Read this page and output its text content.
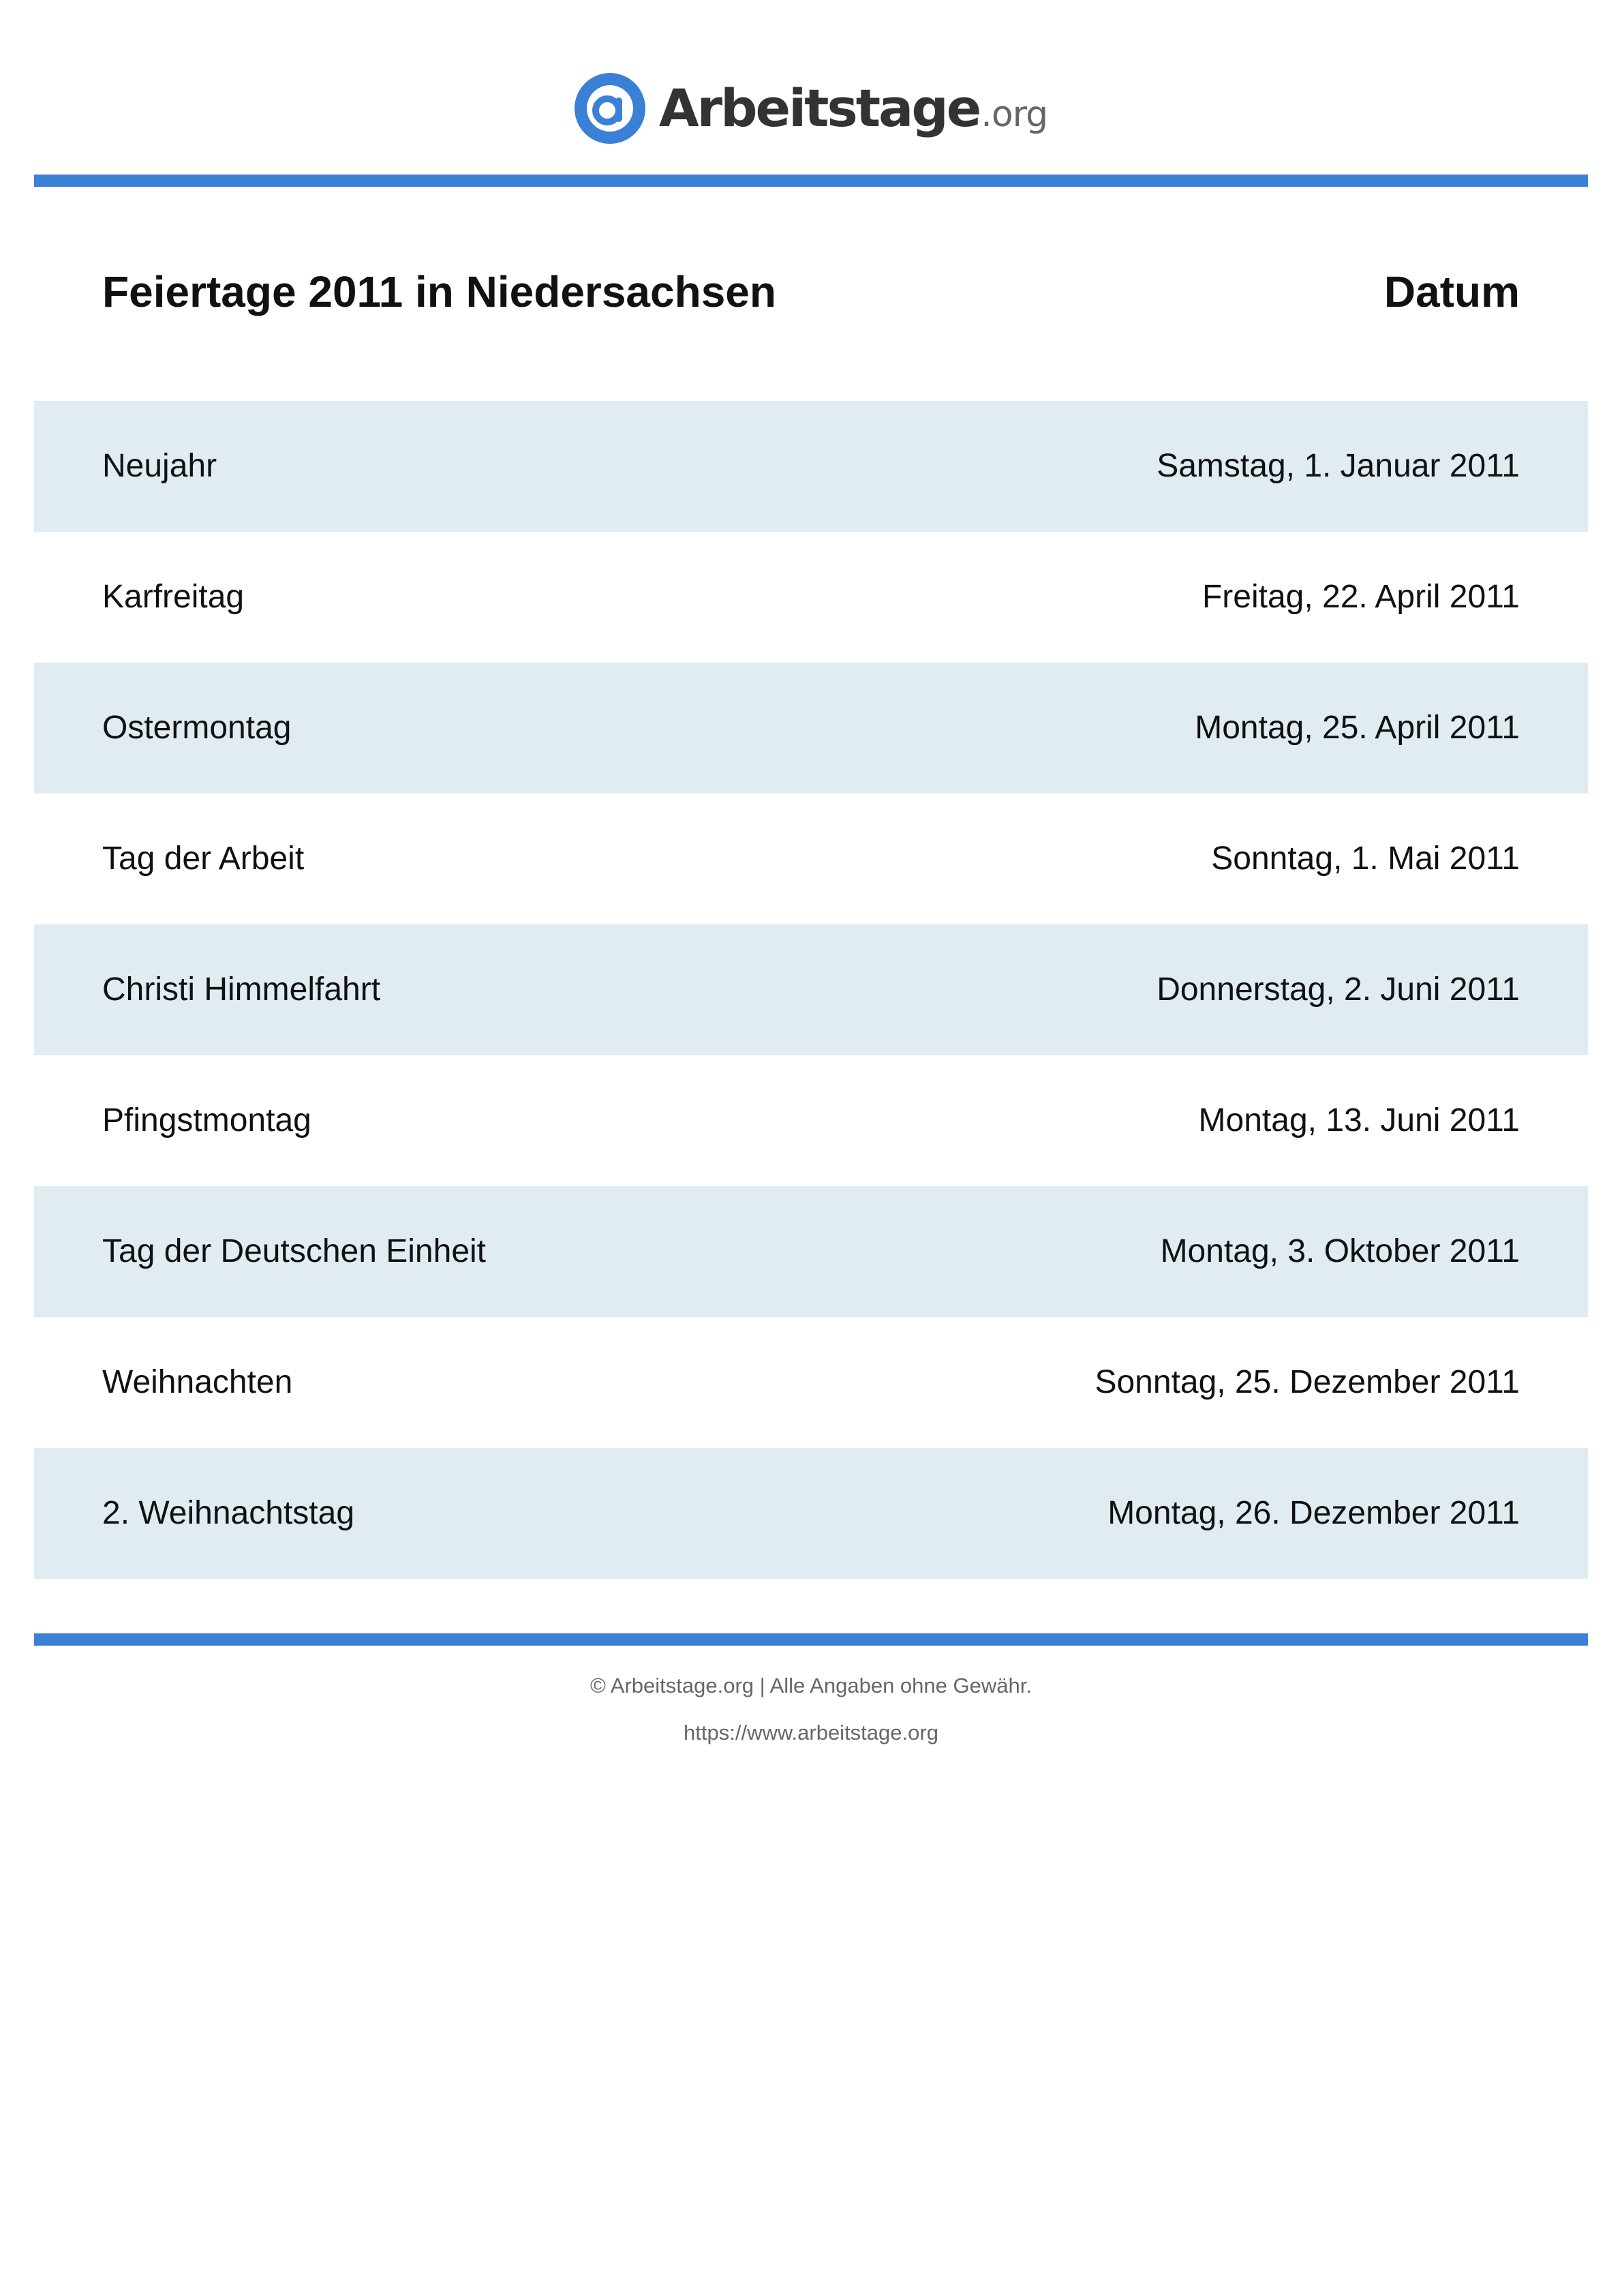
Arbeitstage .org
Feiertage 2011 in Niedersachsen	Datum
Neujahr	Samstag, 1. Januar 2011
Karfreitag	Freitag, 22. April 2011
Ostermontag	Montag, 25. April 2011
Tag der Arbeit	Sonntag, 1. Mai 2011
Christi Himmelfahrt	Donnerstag, 2. Juni 2011
Pfingstmontag	Montag, 13. Juni 2011
Tag der Deutschen Einheit	Montag, 3. Oktober 2011
Weihnachten	Sonntag, 25. Dezember 2011
2. Weihnachtstag	Montag, 26. Dezember 2011
© Arbeitstage.org | Alle Angaben ohne Gewähr.
https://www.arbeitstage.org
